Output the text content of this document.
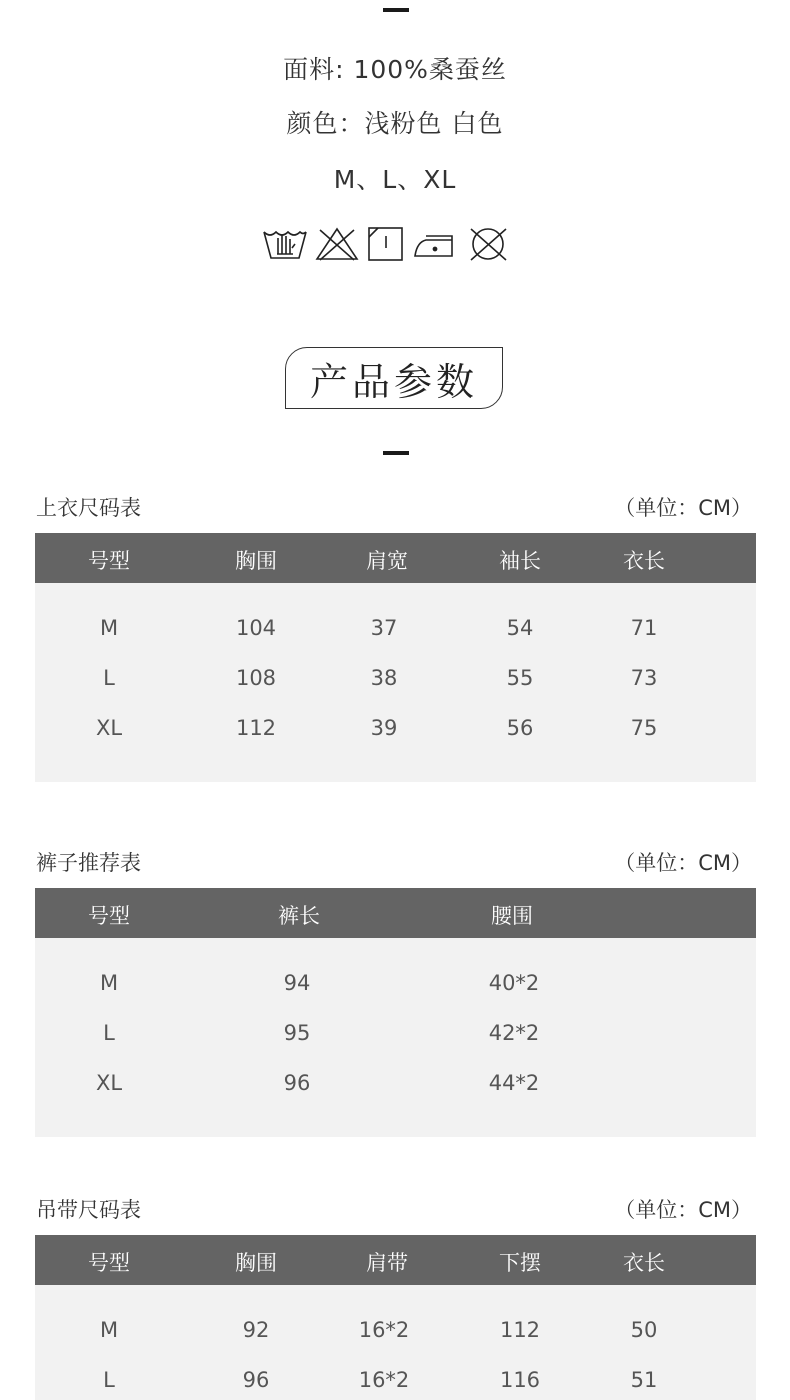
面料: 100%桑蚕丝
颜色：浅粉色 白色
M、L、XL
产品参数
上衣尺码表	（单位：CM）
号型	胸围	肩宽	袖长	衣长
M	104	37	54	71
L	108	38	55	73
XL	112	39	56	75
裤子推荐表	（单位：CM）
号型	裤长	腰围
M	94	40*2
L	95	42*2
XL	96	44*2
吊带尺码表	（单位：CM）
号型	胸围	肩带	下摆	衣长
M	92	16*2	112	50
L	96	16*2	116	51
